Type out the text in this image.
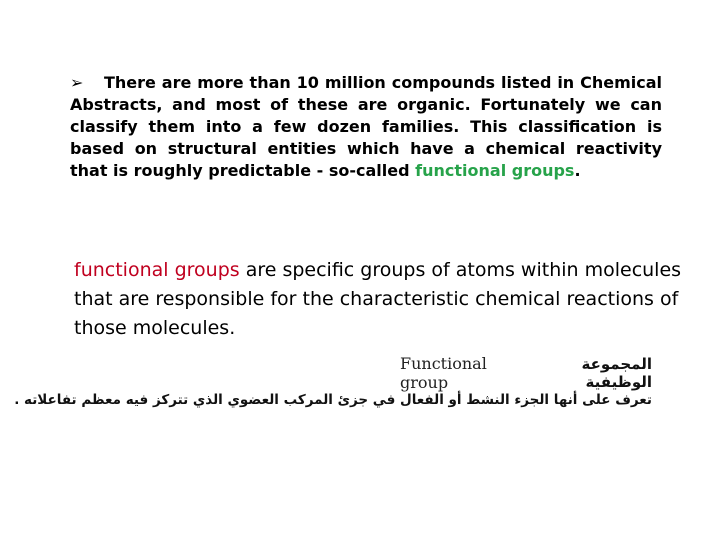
➢ There are more than 10 million compounds listed in Chemical Abstracts, and most of these are organic. Fortunately we can classify them into a few dozen families. This classification is based on structural entities which have a chemical reactivity that is roughly predictable - so-called functional groups.
functional groups are specific groups of atoms within molecules that are responsible for the characteristic chemical reactions of those molecules.
Functional group
المجموعة الوظيفية
تعرف على أنها الجزء النشط أو الفعال في جزئ المركب العضوي الذي تتركز فيه معظم تفاعلاته .
